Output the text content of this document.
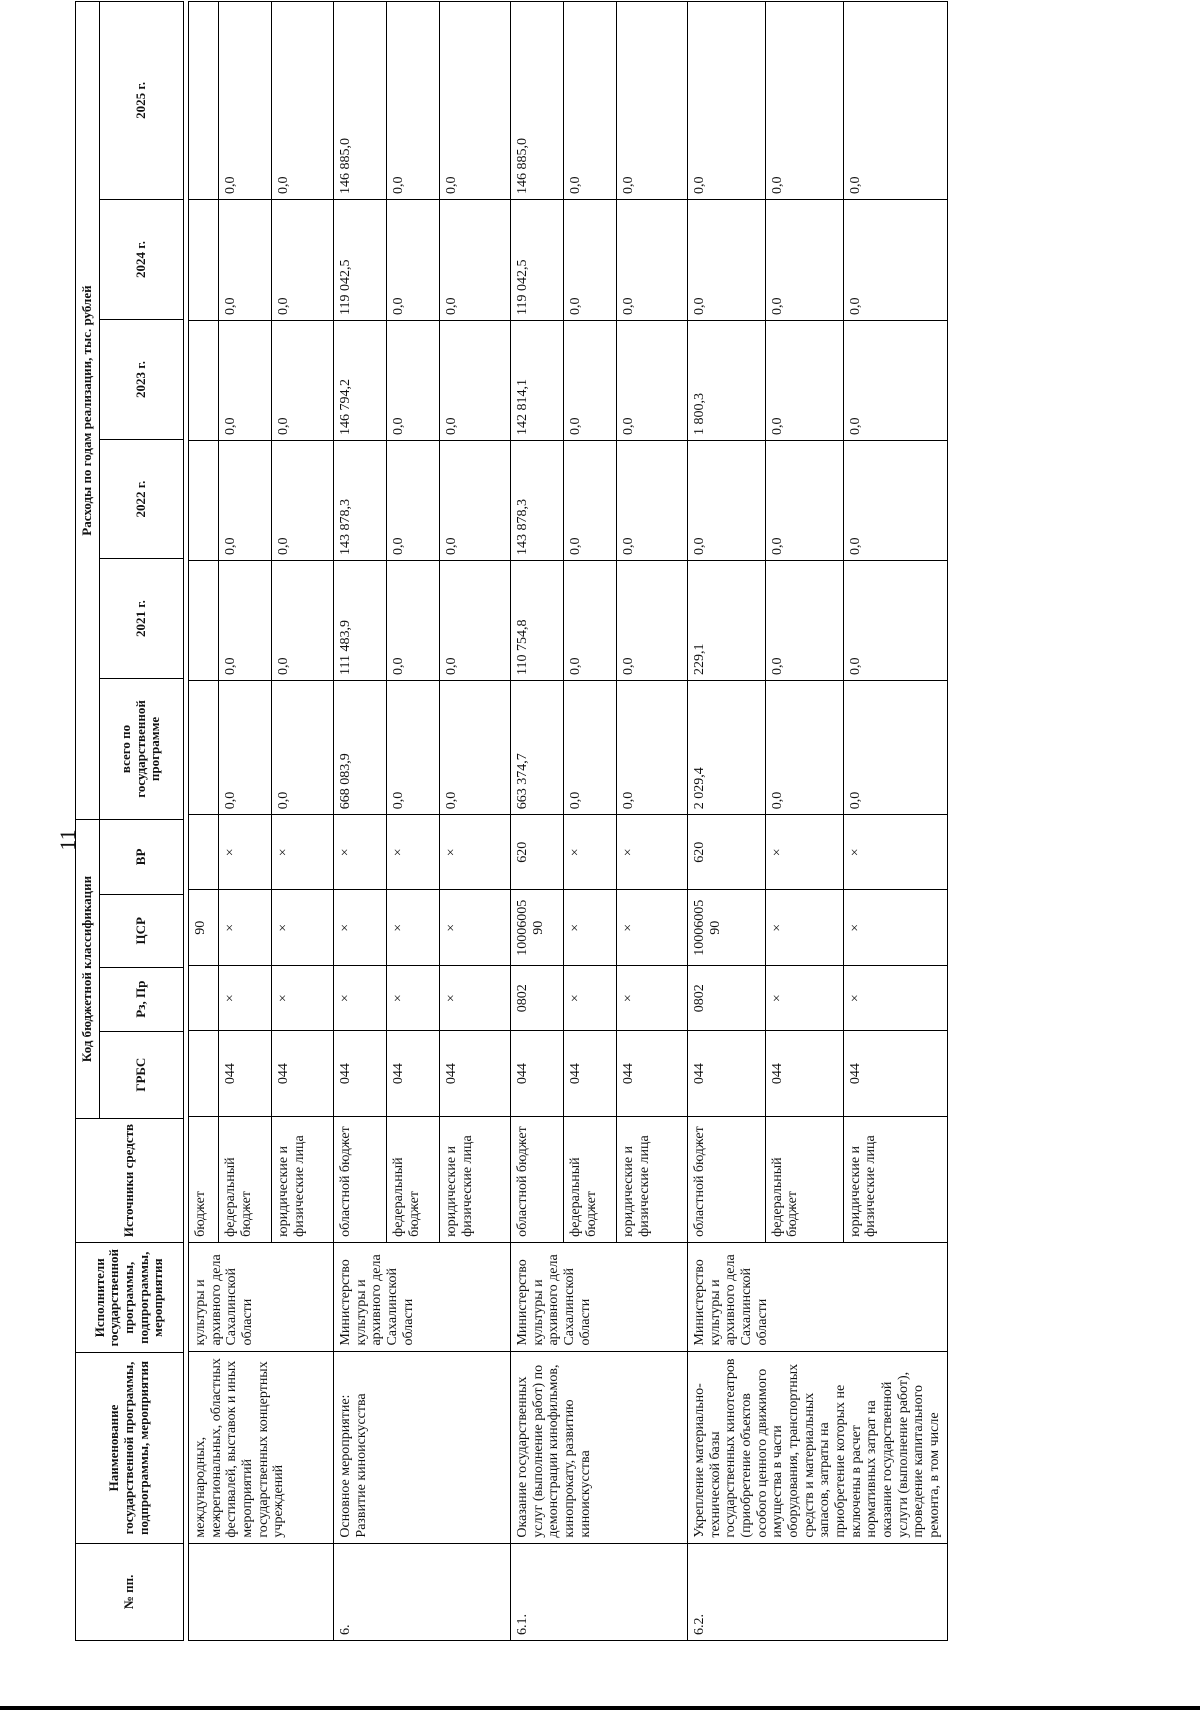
11
№ пп.	Наименование государственной программы, подпрограммы, мероприятия	Исполнители государственной программы, подпрограммы, мероприятия	Источники средств	Код бюджетной классификации				Расходы по годам реализации, тыс. рублей					
				ГРБС	Рз, Пр	ЦСР	ВР	всего по государственной программе	2021 г.	2022 г.	2023 г.	2024 г.	2025 г.
	международных, межрегиональных, областных фестивалей, выставок и иных мероприятий государственных концертных учреждений	культуры и архивного дела Сахалинской области	бюджет			90							
			федеральный бюджет	044	×	×	×	0,0	0,0	0,0	0,0	0,0	0,0
			юридические и физические лица	044	×	×	×	0,0	0,0	0,0	0,0	0,0	0,0
6.	Основное мероприятие: Развитие киноискусства	Министерство культуры и архивного дела Сахалинской области	областной бюджет	044	×	×	×	668 083,9	111 483,9	143 878,3	146 794,2	119 042,5	146 885,0
			федеральный бюджет	044	×	×	×	0,0	0,0	0,0	0,0	0,0	0,0
			юридические и физические лица	044	×	×	×	0,0	0,0	0,0	0,0	0,0	0,0
6.1.	Оказание государственных услуг (выполнение работ) по демонстрации кинофильмов, кинопрокату, развитию киноискусства	Министерство культуры и архивного дела Сахалинской области	областной бюджет	044	0802	10006005 90	620	663 374,7	110 754,8	143 878,3	142 814,1	119 042,5	146 885,0
			федеральный бюджет	044	×	×	×	0,0	0,0	0,0	0,0	0,0	0,0
			юридические и физические лица	044	×	×	×	0,0	0,0	0,0	0,0	0,0	0,0
6.2.	Укрепление материально-технической базы государственных кинотеатров (приобретение объектов особого ценного движимого имущества в части оборудования, транспортных средств и материальных запасов, затраты на приобретение которых не включены в расчет нормативных затрат на оказание государственной услуги (выполнение работ), проведение капитального ремонта, в том числе	Министерство культуры и архивного дела Сахалинской области	областной бюджет	044	0802	10006005 90	620	2 029,4	229,1	0,0	1 800,3	0,0	0,0
			федеральный бюджет	044	×	×	×	0,0	0,0	0,0	0,0	0,0	0,0
			юридические и физические лица	044	×	×	×	0,0	0,0	0,0	0,0	0,0	0,0
